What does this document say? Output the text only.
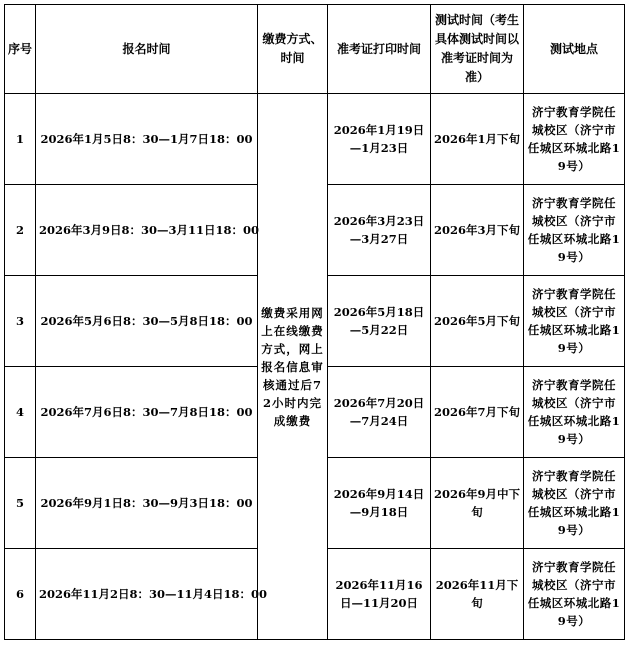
序号	报名时间	缴费方式、时间	准考证打印时间	测试时间（考生具体测试时间以准考证时间为准）	测试地点
1	2026年1月5日8：30—1月7日18：00	缴费采用网上在线缴费方式，网上报名信息审核通过后72小时内完成缴费	2026年1月19日—1月23日	2026年1月下旬	济宁教育学院任城校区（济宁市任城区环城北路19号）
2	2026年3月9日8：30—3月11日18：00		2026年3月23日—3月27日	2026年3月下旬	济宁教育学院任城校区（济宁市任城区环城北路19号）
3	2026年5月6日8：30—5月8日18：00		2026年5月18日—5月22日	2026年5月下旬	济宁教育学院任城校区（济宁市任城区环城北路19号）
4	2026年7月6日8：30—7月8日18：00		2026年7月20日—7月24日	2026年7月下旬	济宁教育学院任城校区（济宁市任城区环城北路19号）
5	2026年9月1日8：30—9月3日18：00		2026年9月14日—9月18日	2026年9月中下旬	济宁教育学院任城校区（济宁市任城区环城北路19号）
6	2026年11月2日8：30—11月4日18：00		2026年11月16日—11月20日	2026年11月下旬	济宁教育学院任城校区（济宁市任城区环城北路19号）
